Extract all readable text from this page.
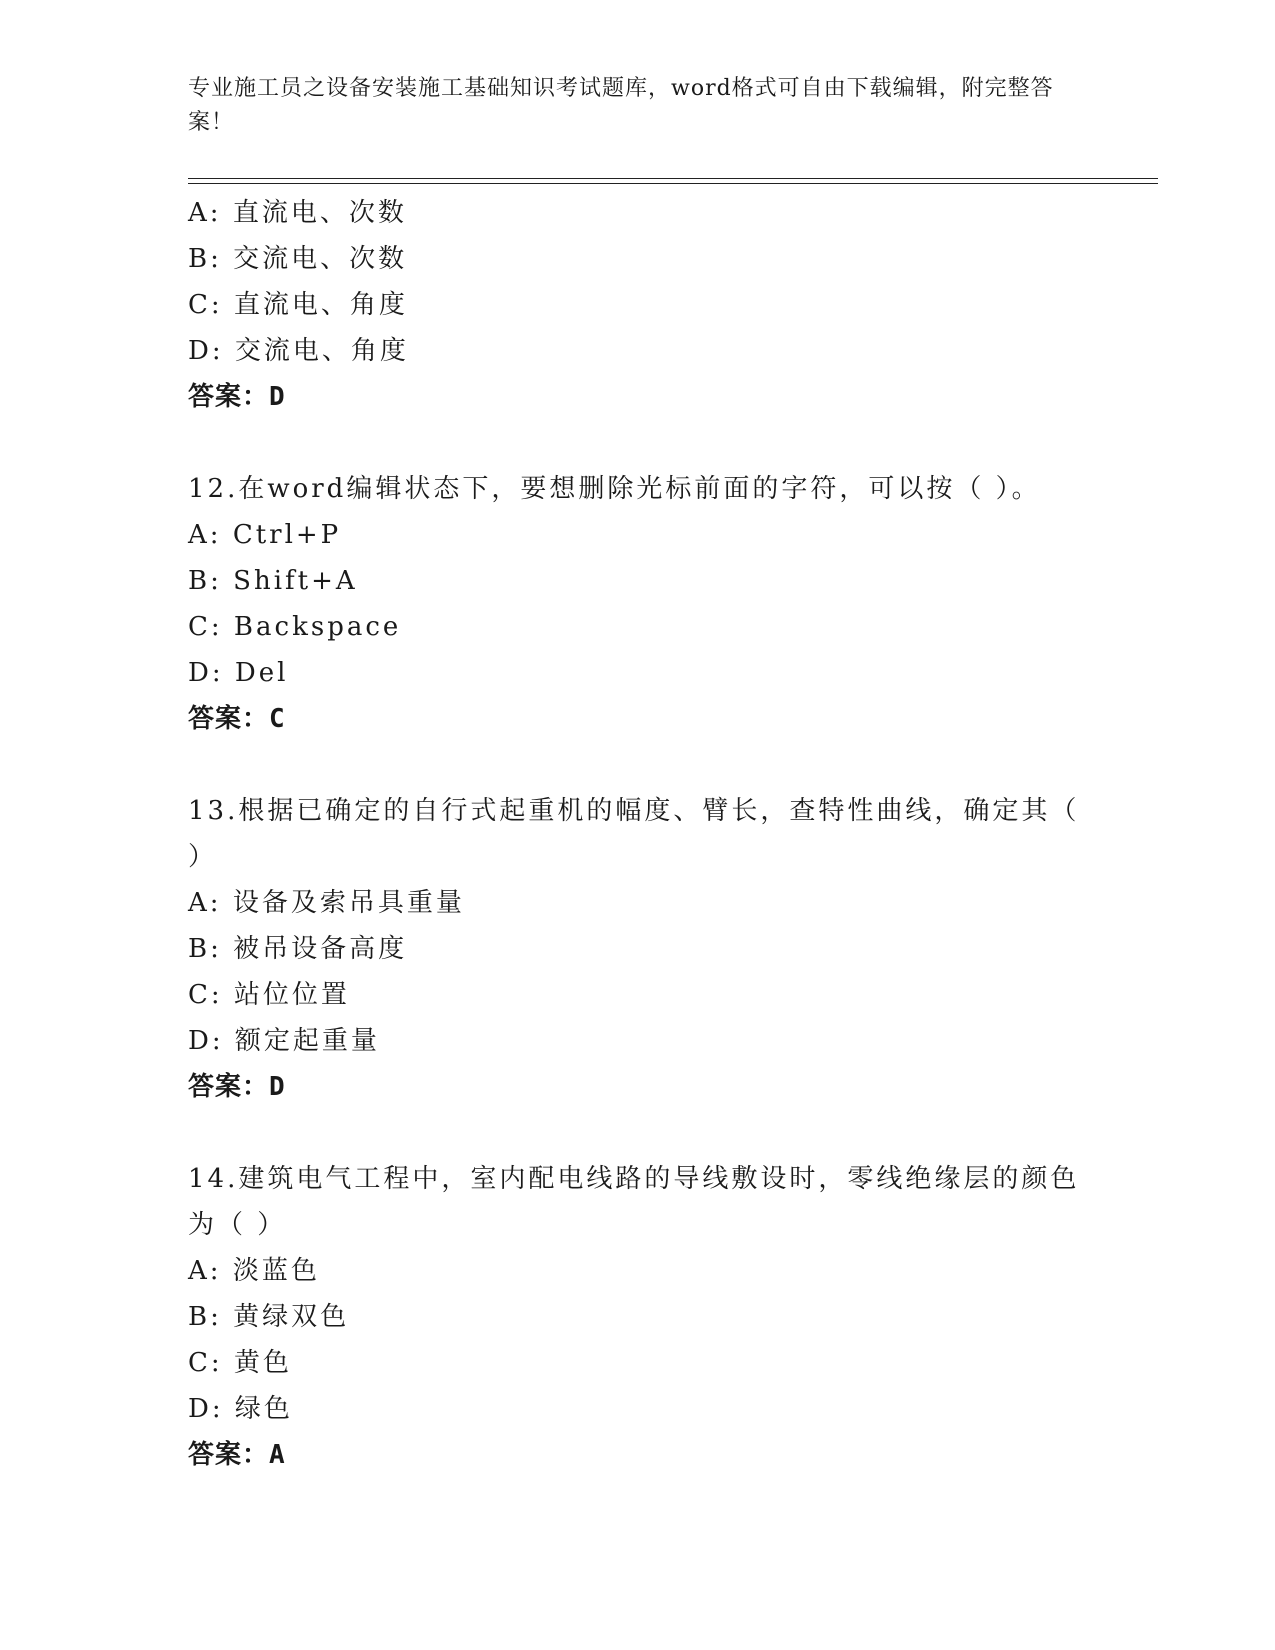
专业施工员之设备安装施工基础知识考试题库，word格式可自由下载编辑，附完整答案！
A: 直流电、次数
B: 交流电、次数
C: 直流电、角度
D: 交流电、角度
答案：D
12.在word编辑状态下，要想删除光标前面的字符，可以按（ ）。
A: Ctrl+P
B: Shift+A
C: Backspace
D: Del
答案：C
13.根据已确定的自行式起重机的幅度、臂长，查特性曲线，确定其（ ）
A: 设备及索吊具重量
B: 被吊设备高度
C: 站位位置
D: 额定起重量
答案：D
14.建筑电气工程中，室内配电线路的导线敷设时，零线绝缘层的颜色为（ ）
A: 淡蓝色
B: 黄绿双色
C: 黄色
D: 绿色
答案：A
